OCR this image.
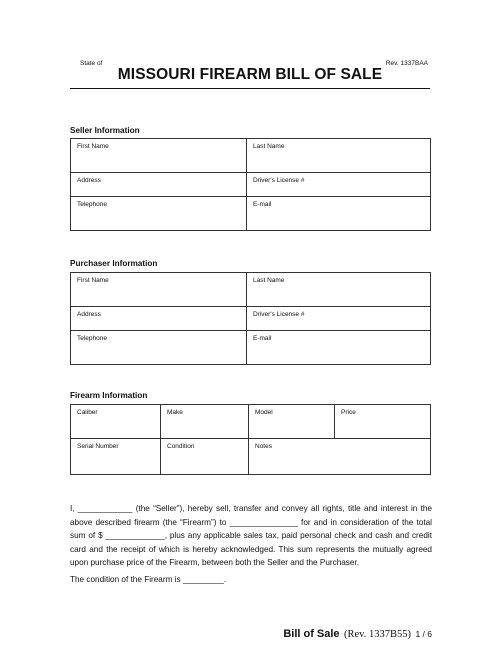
State of	Rev. 1337BAA
MISSOURI FIREARM BILL OF SALE
Seller Information
First Name	Last Name
Address	Driver's License #
Telephone	E-mail
Purchaser Information
First Name	Last Name
Address	Driver's License #
Telephone	E-mail
Firearm Information
Caliber	Make	Model	Price
Serial Number	Condition	Notes	
I, ____________ (the “Seller”), hereby sell, transfer and convey all rights, title and interest in the above described firearm (the “Firearm”) to _______________ for and in consideration of the total sum of $ _____________, plus any applicable sales tax, paid personal check and cash and credit card and the receipt of which is hereby acknowledged. This sum represents the mutually agreed upon purchase price of the Firearm, between both the Seller and the Purchaser.
The condition of the Firearm is _________.
Bill of Sale (Rev. 1337B55) 1 / 6
